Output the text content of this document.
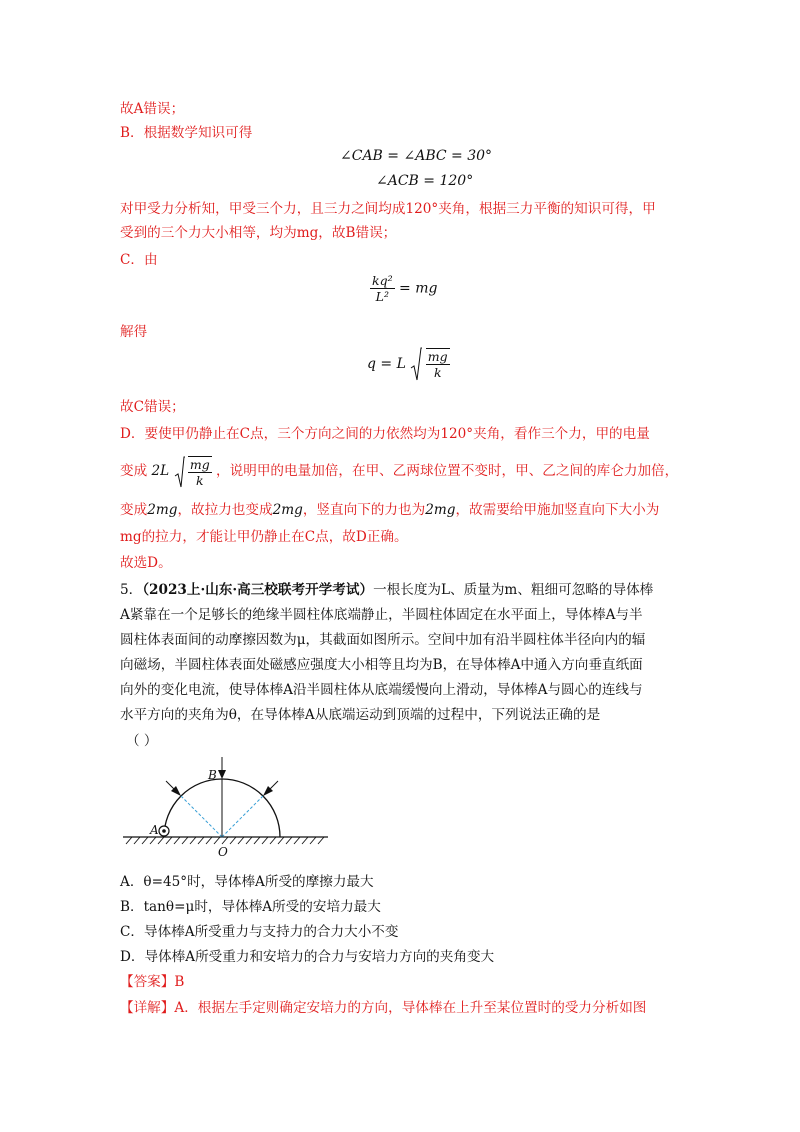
故A错误；
B．根据数学知识可得
∠CAB = ∠ABC = 30°
∠ACB = 120°
对甲受力分析知，甲受三个力，且三力之间均成120°夹角，根据三力平衡的知识可得，甲
受到的三个力大小相等，均为mg，故B错误；
C．由
$\frac{\text{kq²}}{\text{L²}}$ = mg
解得
q = L $\frac{mg}{k}$
故C错误；
D．要使甲仍静止在C点，三个方向之间的力依然均为120°夹角，看作三个力，甲的电量
变成 $2L \frac{mg}{k}$ ，说明甲的电量加倍，在甲、乙两球位置不变时，甲、乙之间的库仑力加倍，
变成2mg，故拉力也变成2mg，竖直向下的力也为2mg，故需要给甲施加竖直向下大小为
mg的拉力，才能让甲仍静止在C点，故D正确。
故选D。
5．（2023上·山东·高三校联考开学考试）一根长度为L、质量为m、粗细可忽略的导体棒
A紧靠在一个足够长的绝缘半圆柱体底端静止，半圆柱体固定在水平面上，导体棒A与半
圆柱体表面间的动摩擦因数为μ，其截面如图所示。空间中加有沿半圆柱体半径向内的辐
向磁场，半圆柱体表面处磁感应强度大小相等且均为B，在导体棒A中通入方向垂直纸面
向外的变化电流，使导体棒A沿半圆柱体从底端缓慢向上滑动，导体棒A与圆心的连线与
水平方向的夹角为θ，在导体棒A从底端运动到顶端的过程中，下列说法正确的是
（ ）
B
A
O
A．θ=45°时，导体棒A所受的摩擦力最大
B．tanθ=μ时，导体棒A所受的安培力最大
C．导体棒A所受重力与支持力的合力大小不变
D．导体棒A所受重力和安培力的合力与安培力方向的夹角变大
【答案】B
【详解】A．根据左手定则确定安培力的方向，导体棒在上升至某位置时的受力分析如图
